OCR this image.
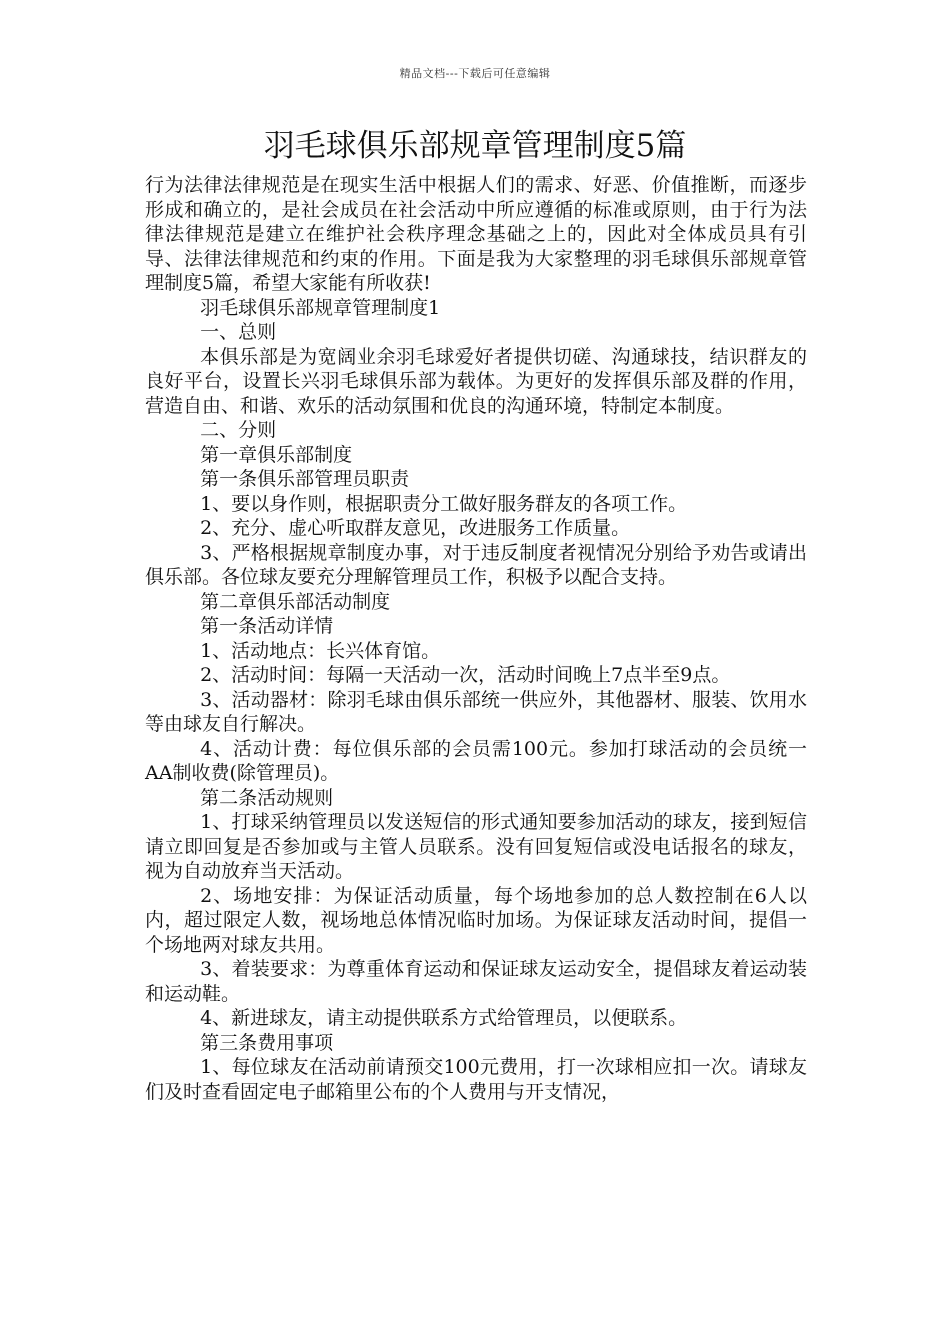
精品文档---下载后可任意编辑
羽毛球俱乐部规章管理制度5篇

行为法律法律规范是在现实生活中根据人们的需求、好恶、价值推断，而逐步形成和确立的，是社会成员在社会活动中所应遵循的标准或原则，由于行为法律法律规范是建立在维护社会秩序理念基础之上的，因此对全体成员具有引导、法律法律规范和约束的作用。下面是我为大家整理的羽毛球俱乐部规章管理制度5篇，希望大家能有所收获!

羽毛球俱乐部规章管理制度1

一、总则

本俱乐部是为宽阔业余羽毛球爱好者提供切磋、沟通球技，结识群友的良好平台，设置长兴羽毛球俱乐部为载体。为更好的发挥俱乐部及群的作用，营造自由、和谐、欢乐的活动氛围和优良的沟通环境，特制定本制度。

二、分则

第一章俱乐部制度

第一条俱乐部管理员职责

1、要以身作则，根据职责分工做好服务群友的各项工作。

2、充分、虚心听取群友意见，改进服务工作质量。

3、严格根据规章制度办事，对于违反制度者视情况分别给予劝告或请出俱乐部。各位球友要充分理解管理员工作，积极予以配合支持。

第二章俱乐部活动制度

第一条活动详情

1、活动地点：长兴体育馆。

2、活动时间：每隔一天活动一次，活动时间晚上7点半至9点。

3、活动器材：除羽毛球由俱乐部统一供应外，其他器材、服装、饮用水等由球友自行解决。

4、活动计费：每位俱乐部的会员需100元。参加打球活动的会员统一AA制收费(除管理员)。

第二条活动规则

1、打球采纳管理员以发送短信的形式通知要参加活动的球友，接到短信请立即回复是否参加或与主管人员联系。没有回复短信或没电话报名的球友，视为自动放弃当天活动。

2、场地安排：为保证活动质量，每个场地参加的总人数控制在6人以内，超过限定人数，视场地总体情况临时加场。为保证球友活动时间，提倡一个场地两对球友共用。

3、着装要求：为尊重体育运动和保证球友运动安全，提倡球友着运动装和运动鞋。

4、新进球友，请主动提供联系方式给管理员，以便联系。

第三条费用事项

1、每位球友在活动前请预交100元费用，打一次球相应扣一次。请球友们及时查看固定电子邮箱里公布的个人费用与开支情况，
